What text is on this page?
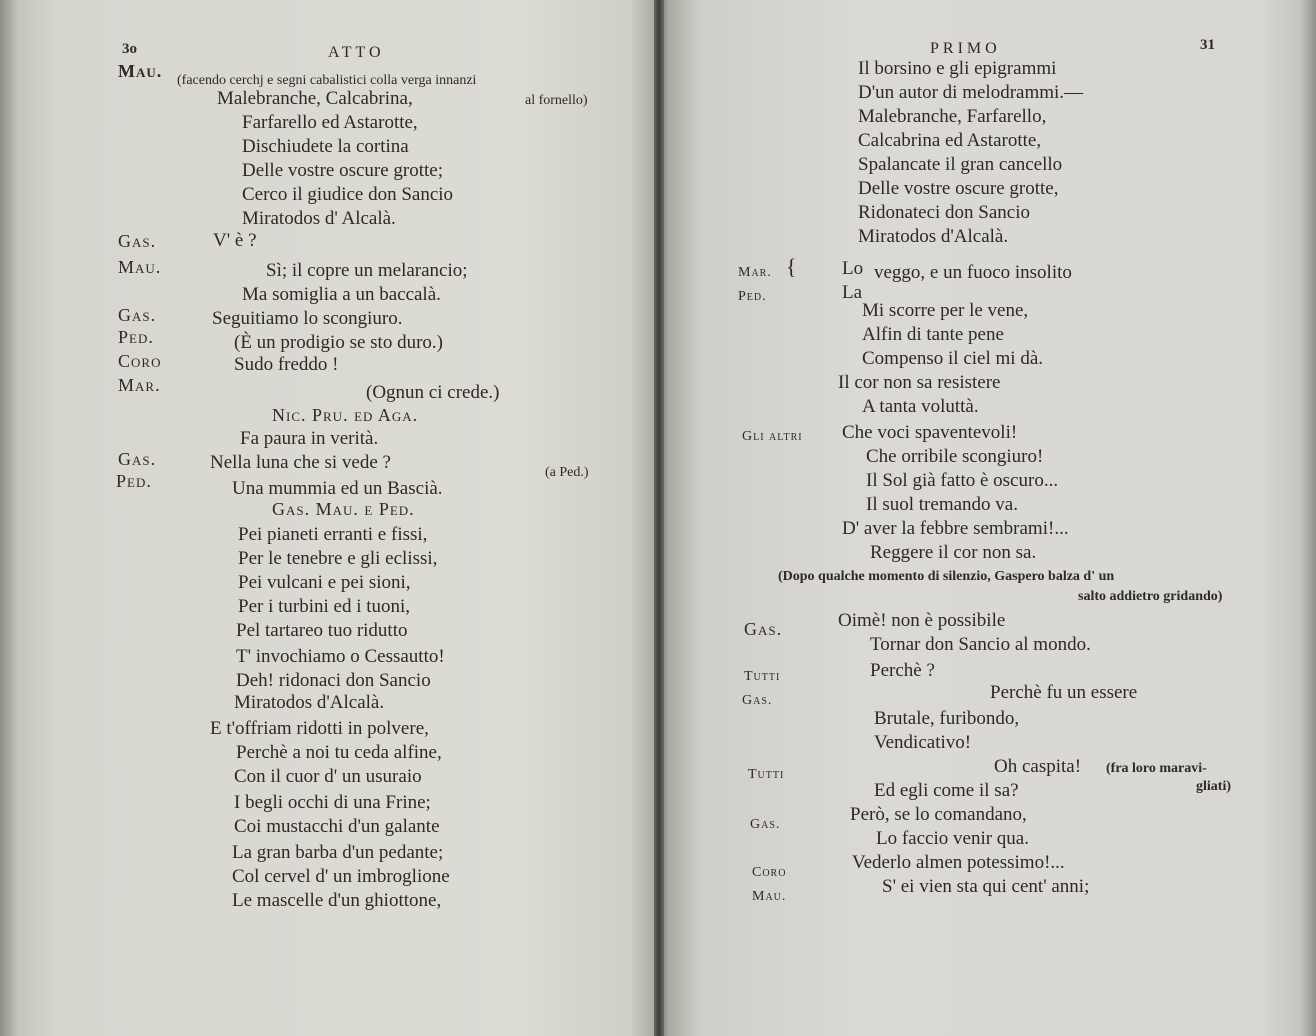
3o	ATTO
Mau. (facendo cerchj e segni cabalistici colla verga innanzi
Malebranche, Calcabrina,	al fornello)
Farfarello ed Astarotte,
Dischiudete la cortina
Delle vostre oscure grotte;
Cerco il giudice don Sancio
Miratodos d' Alcalà.
Gas.	V' è ?
Mau.	Sì; il copre un melarancio;
Ma somiglia a un baccalà.
Gas.	Seguitiamo lo scongiuro.
Ped.	(È un prodigio se sto duro.)
Coro	Sudo freddo !
Mar.	(Ognun ci crede.)
Nic. Pru. ed Aga.
Fa paura in verità.
Gas.	Nella luna che si vede ?	(a Ped.)
Ped.	Una mummia ed un Bascià.
Gas. Mau. e Ped.
Pei pianeti erranti e fissi,
Per le tenebre e gli eclissi,
Pei vulcani e pei sioni,
Per i turbini ed i tuoni,
Pel tartareo tuo ridutto
T' invochiamo o Cessautto!
Deh! ridonaci don Sancio
Miratodos d'Alcalà.
E t'offriam ridotti in polvere,
Perchè a noi tu ceda alfine,
Con il cuor d' un usuraio
I begli occhi di una Frine;
Coi mustacchi d'un galante
La gran barba d'un pedante;
Col cervel d' un imbroglione
Le mascelle d'un ghiottone,
PRIMO	31
Il borsino e gli epigrammi
D'un autor di melodrammi.—
Malebranche, Farfarello,
Calcabrina ed Astarotte,
Spalancate il gran cancello
Delle vostre oscure grotte,
Ridonateci don Sancio
Miratodos d'Alcalà.
Mar. { Lo veggo, e un fuoco insolito
Ped.	La
Mi scorre per le vene,
Alfin di tante pene
Compenso il ciel mi dà.
Il cor non sa resistere
A tanta voluttà.
Gli altri Che voci spaventevoli!
Che orribile scongiuro!
Il Sol già fatto è oscuro...
Il suol tremando va.
D' aver la febbre sembrami!...
Reggere il cor non sa.
(Dopo qualche momento di silenzio, Gaspero balza d' un
salto addietro gridando)
Gas.	Oimè! non è possibile
Tornar don Sancio al mondo.
Tutti	Perchè ?
Gas.	Perchè fu un essere
Brutale, furibondo,
Vendicativo!
Tutti	Oh caspita! (fra loro maravi-
Ed egli come il sa?	gliati)
Gas.	Però, se lo comandano,
Lo faccio venir qua.
Coro	Vederlo almen potessimo!...
Mau.	S' ei vien sta qui cent' anni;
